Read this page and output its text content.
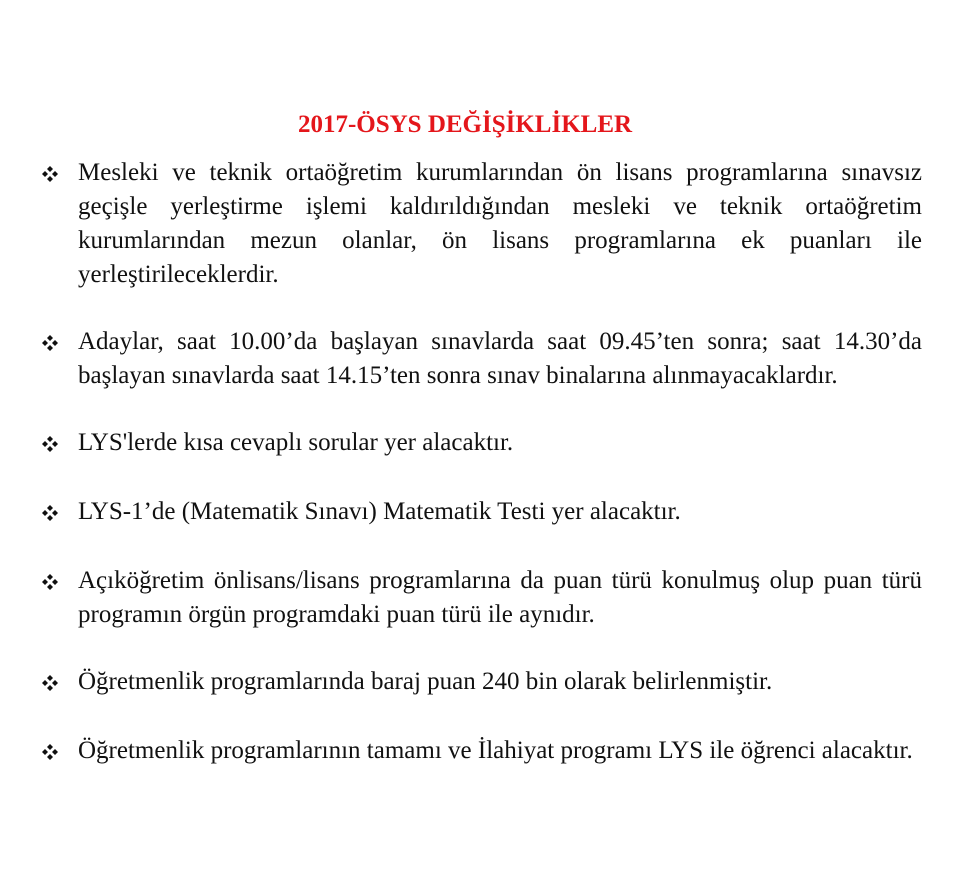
2017-ÖSYS DEĞİŞİKLİKLER
Mesleki ve teknik ortaöğretim kurumlarından ön lisans programlarına sınavsız geçişle yerleştirme işlemi kaldırıldığından mesleki ve teknik ortaöğretim kurumlarından mezun olanlar, ön lisans programlarına ek puanları ile yerleştirileceklerdir.
Adaylar, saat 10.00’da başlayan sınavlarda saat 09.45’ten sonra; saat 14.30’da başlayan sınavlarda saat 14.15’ten sonra sınav binalarına alınmayacaklardır.
LYS'lerde kısa cevaplı sorular yer alacaktır.
LYS-1’de (Matematik Sınavı) Matematik Testi yer alacaktır.
Açıköğretim önlisans/lisans programlarına da puan türü konulmuş olup puan türü programın örgün programdaki puan türü ile aynıdır.
Öğretmenlik programlarında baraj puan 240 bin olarak belirlenmiştir.
Öğretmenlik programlarının tamamı ve İlahiyat programı LYS ile öğrenci alacaktır.
